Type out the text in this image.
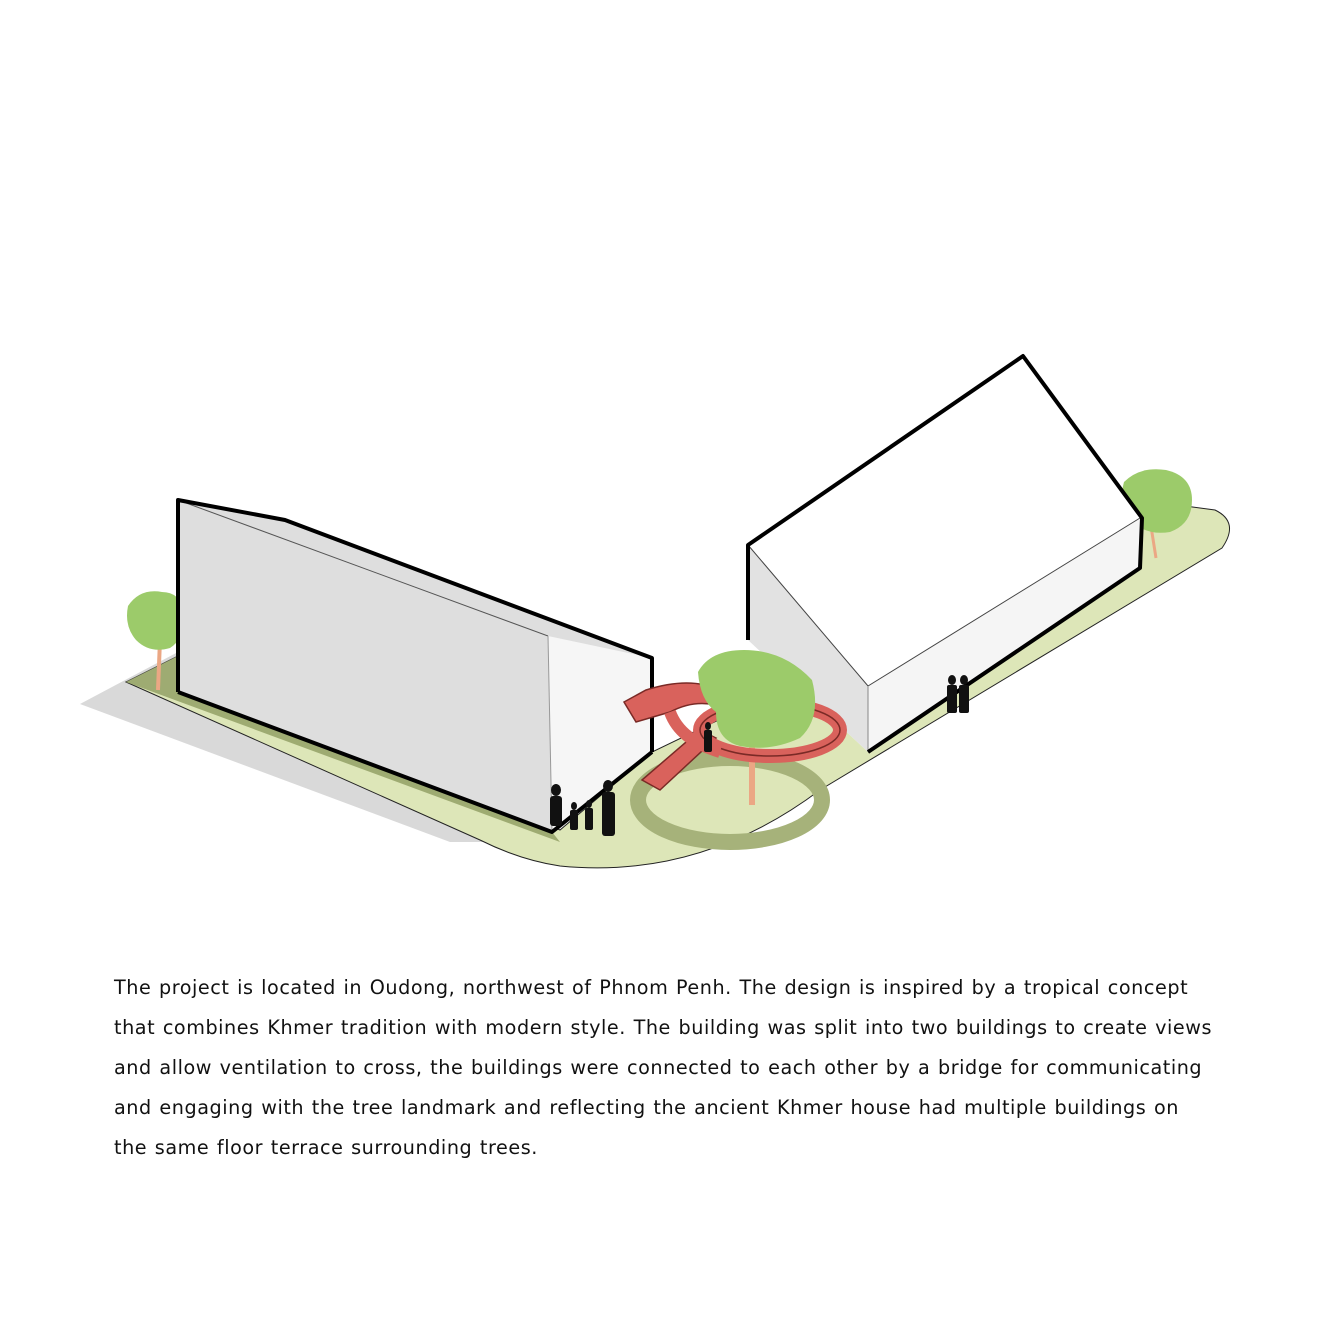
The project is located in Oudong, northwest of Phnom Penh. The design is inspired by a tropical concept
that combines Khmer tradition with modern style. The building was split into two buildings to create views
and allow ventilation to cross, the buildings were connected to each other by a bridge for communicating
and engaging with the tree landmark and reflecting the ancient Khmer house had multiple buildings on
the same floor terrace surrounding trees.
